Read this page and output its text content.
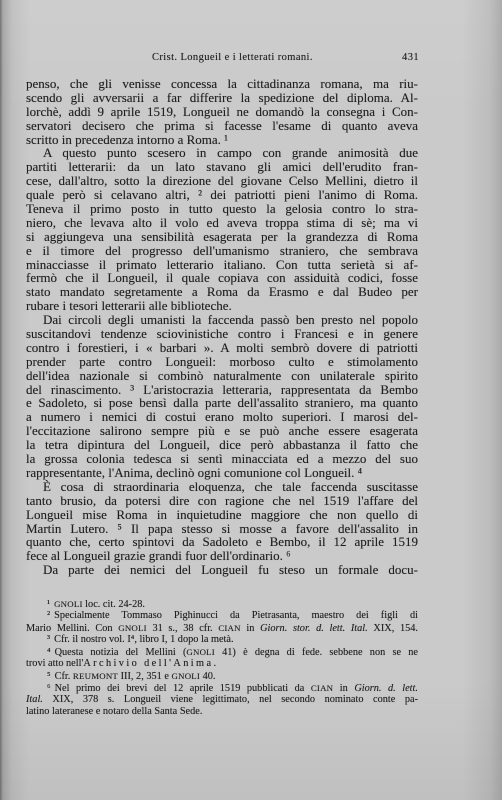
Crist. Longueil e i letterati romani.	431
penso, che gli venisse concessa la cittadinanza romana, ma riu-
scendo gli avversarii a far differire la spedizione del diploma. Al-
lorchè, addì 9 aprile 1519, Longueil ne domandò la consegna i Con-
servatori decisero che prima si facesse l'esame di quanto aveva
scritto in precedenza intorno a Roma. ¹
A questo punto scesero in campo con grande animosità due
partiti letterarii: da un lato stavano gli amici dell'erudito fran-
cese, dall'altro, sotto la direzione del giovane Celso Mellini, dietro il
quale però si celavano altri, ² dei patriotti pieni l'animo di Roma.
Teneva il primo posto in tutto questo la gelosia contro lo stra-
niero, che levava alto il volo ed aveva troppa stima di sè; ma vi
si aggiungeva una sensibilità esagerata per la grandezza di Roma
e il timore del progresso dell'umanismo straniero, che sembrava
minacciasse il primato letterario italiano. Con tutta serietà si af-
fermò che il Longueil, il quale copiava con assiduità codici, fosse
stato mandato segretamente a Roma da Erasmo e dal Budeo per
rubare i tesori letterarii alle biblioteche.
Dai circoli degli umanisti la faccenda passò ben presto nel popolo
suscitandovi tendenze sciovinistiche contro i Francesi e in genere
contro i forestieri, i « barbari ». A molti sembrò dovere di patriotti
prender parte contro Longueil: morboso culto e stimolamento
dell'idea nazionale si combinò naturalmente con unilaterale spirito
del rinascimento. ³ L'aristocrazia letteraria, rappresentata da Bembo
e Sadoleto, si pose bensì dalla parte dell'assalito straniero, ma quanto
a numero i nemici di costui erano molto superiori. I marosi del-
l'eccitazione salirono sempre più e se può anche essere esagerata
la tetra dipintura del Longueil, dice però abbastanza il fatto che
la grossa colonia tedesca si sentì minacciata ed a mezzo del suo
rappresentante, l'Anima, declinò ogni comunione col Longueil. ⁴
È cosa di straordinaria eloquenza, che tale faccenda suscitasse
tanto brusio, da potersi dire con ragione che nel 1519 l'affare del
Longueil mise Roma in inquietudine maggiore che non quello di
Martin Lutero. ⁵ Il papa stesso si mosse a favore dell'assalito in
quanto che, certo spintovi da Sadoleto e Bembo, il 12 aprile 1519
fece al Longueil grazie grandi fuor dell'ordinario. ⁶
Da parte dei nemici del Longueil fu steso un formale docu-
¹ GNOLI loc. cit. 24-28.
² Specialmente Tommaso Pighinucci da Pietrasanta, maestro dei figli di
Mario Mellini. Con GNOLI 31 s., 38 cfr. CIAN in Giorn. stor. d. lett. Ital. XIX, 154.
³ Cfr. il nostro vol. I⁴, libro I, 1 dopo la metà.
⁴ Questa notizia del Mellini (GNOLI 41) è degna di fede. sebbene non se ne
trovi atto nell'Archivio dell'Anima.
⁵ Cfr. REUMONT III, 2, 351 e GNOLI 40.
⁶ Nel primo dei brevi del 12 aprile 1519 pubblicati da CIAN in Giorn. d. lett.
Ital. XIX, 378 s. Longueil viene legittimato, nel secondo nominato conte pa-
latino lateranese e notaro della Santa Sede.
